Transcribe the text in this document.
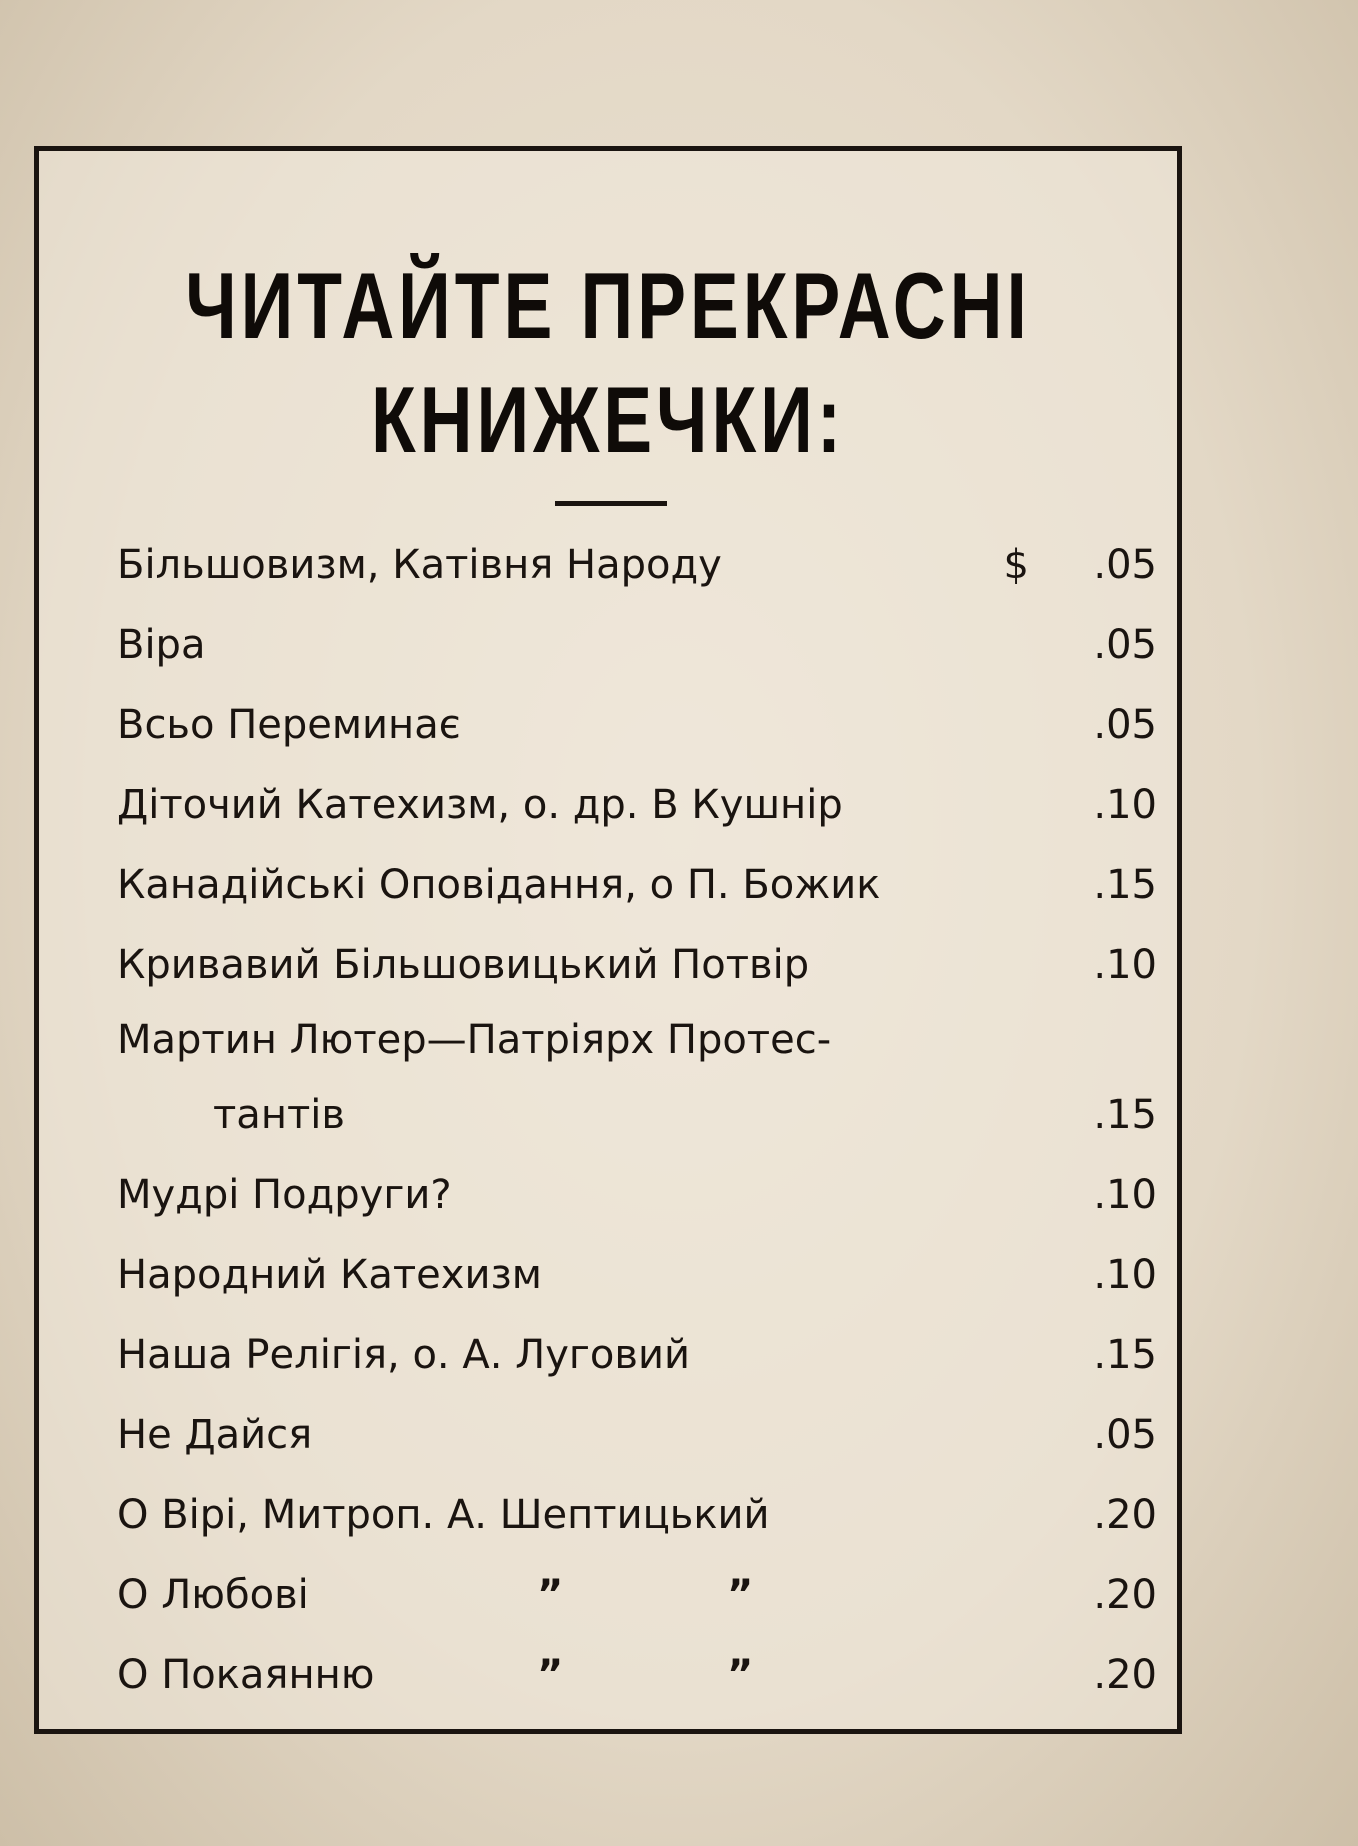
ЧИТАЙТЕ ПРЕКРАСНІ
КНИЖЕЧКИ:
Більшовизм, Катівня Народу	$	.05
Віра	.05
Всьо Переминає	.05
Діточий Катехизм, о. др. В Кушнір	.10
Канадійські Оповідання, о П. Божик	.15
Кривавий Більшовицький Потвір	.10
Мартин Лютер—Патріярх Протес-
тантів	.15
Мудрі Подруги?	.10
Народний Катехизм	.10
Наша Релігія, о. А. Луговий	.15
Не Дайся	.05
О Вірі, Митроп. А. Шептицький	.20
О Любові	”	”	.20
О Покаянню	”	”	.20
